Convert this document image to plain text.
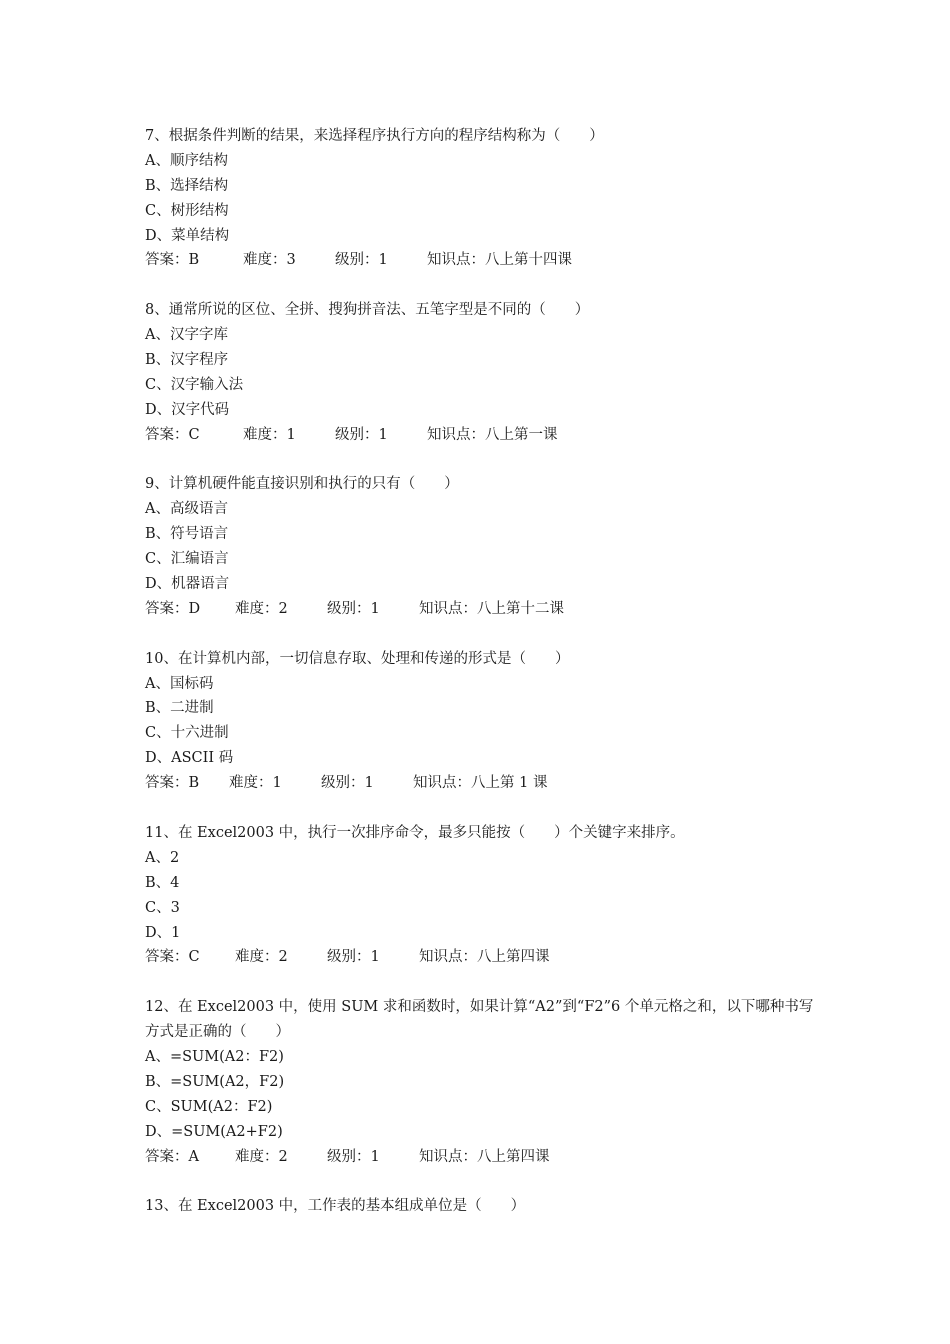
7、根据条件判断的结果，来选择程序执行方向的程序结构称为（　　）
A、顺序结构
B、选择结构
C、树形结构
D、菜单结构
答案：B	难度：3	级别：1	知识点：八上第十四课
8、通常所说的区位、全拼、搜狗拼音法、五笔字型是不同的（　　）
A、汉字字库
B、汉字程序
C、汉字输入法
D、汉字代码
答案：C	难度：1	级别：1	知识点：八上第一课
9、计算机硬件能直接识别和执行的只有（　　）
A、高级语言
B、符号语言
C、汇编语言
D、机器语言
答案：D	难度：2	级别：1	知识点：八上第十二课
10、在计算机内部，一切信息存取、处理和传递的形式是（　　）
A、国标码
B、二进制
C、十六进制
D、ASCII 码
答案：B	难度：1	级别：1	知识点：八上第 1 课
11、在 Excel2003 中，执行一次排序命令，最多只能按（　　）个关键字来排序。
A、2
B、4
C、3
D、1
答案：C	难度：2	级别：1	知识点：八上第四课
12、在 Excel2003 中，使用 SUM 求和函数时，如果计算“A2”到“F2”6 个单元格之和，以下哪种书写方式是正确的（　　）
A、=SUM(A2：F2)
B、=SUM(A2，F2)
C、SUM(A2：F2)
D、=SUM(A2+F2)
答案：A	难度：2	级别：1	知识点：八上第四课
13、在 Excel2003 中，工作表的基本组成单位是（　　）
